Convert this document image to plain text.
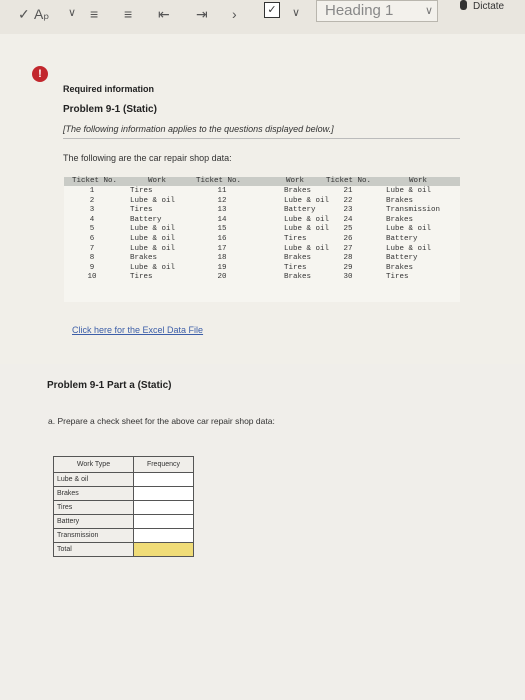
✓ Aₚ ∨ ≡ ≡ ⇤ ⇥ ›	✓	∨	Heading 1	∨	Dictate
!
Required information
Problem 9-1 (Static)
[The following information applies to the questions displayed below.]
The following are the car repair shop data:
Ticket No.	Work	Ticket No.	Work	Ticket No.	Work
1
2
3
4
5
6
7
8
9
10
Tires
Lube & oil
Tires
Battery
Lube & oil
Lube & oil
Lube & oil
Brakes
Lube & oil
Tires
11
12
13
14
15
16
17
18
19
20
Brakes
Lube & oil
Battery
Lube & oil
Lube & oil
Tires
Lube & oil
Brakes
Tires
Brakes
21
22
23
24
25
26
27
28
29
30
Lube & oil
Brakes
Transmission
Brakes
Lube & oil
Battery
Lube & oil
Battery
Brakes
Tires
Click here for the Excel Data File
Problem 9-1 Part a (Static)
a. Prepare a check sheet for the above car repair shop data:
Work Type	Frequency
Lube & oil	
Brakes	
Tires	
Battery	
Transmission	
Total	
